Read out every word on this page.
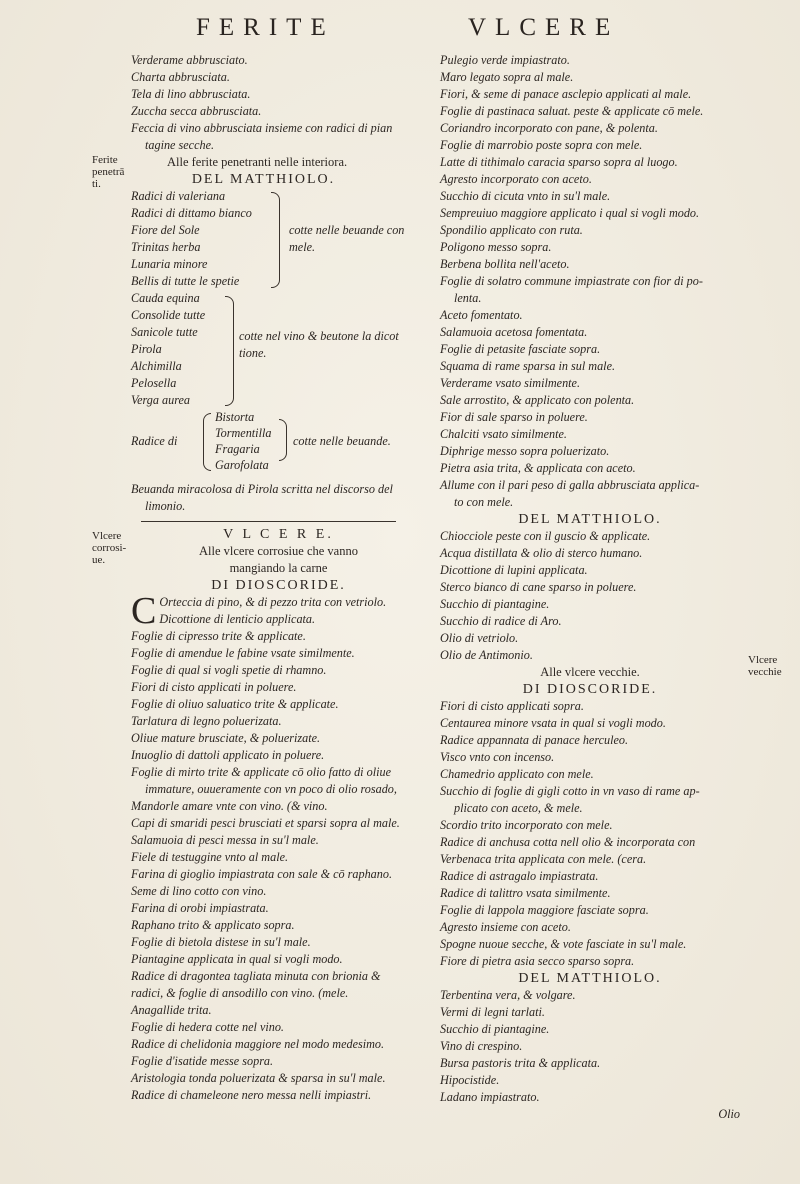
FERITE	VLCERE
Ferite
penetrā
ti.
Vlcere
corrosi-
ue.
Vlcere
vecchie
Verderame abbrusciato.
Charta abbrusciata.
Tela di lino abbrusciata.
Zuccha secca abbrusciata.
Feccia di vino abbrusciata insieme con radici di pian
tagine secche.
Alle ferite penetranti nelle interiora.
DEL MATTHIOLO.
Radici di valeriana
Radici di dittamo bianco
Fiore del Sole
Trinitas herba
Lunaria minore
Bellis di tutte le spetie
cotte nelle beuande con
mele.
Cauda equina
Consolide tutte
Sanicole tutte
Pirola
Alchimilla
Pelosella
Verga aurea
cotte nel vino & beutone la dicot
tione.
Radice di
Bistorta
Tormentilla
Fragaria
Garofolata
cotte nelle beuande.
Beuanda miracolosa di Pirola scritta nel discorso del
limonio.
V L C E R E.
Alle vlcere corrosiue che vanno
mangiando la carne
DI DIOSCORIDE.
C Orteccia di pino, & di pezzo trita con vetriolo.
Dicottione di lenticio applicata.
Foglie di cipresso trite & applicate.
Foglie di amendue le fabine vsate similmente.
Foglie di qual si vogli spetie di rhamno.
Fiori di cisto applicati in poluere.
Foglie di oliuo saluatico trite & applicate.
Tarlatura di legno poluerizata.
Oliue mature brusciate, & poluerizate.
Inuoglio di dattoli applicato in poluere.
Foglie di mirto trite & applicate cō olio fatto di oliue
immature, ouueramente con vn poco di olio rosado,
Mandorle amare vnte con vino. (& vino.
Capi di smaridi pesci brusciati et sparsi sopra al male.
Salamuoia di pesci messa in su'l male.
Fiele di testuggine vnto al male.
Farina di gioglio impiastrata con sale & cō raphano.
Seme di lino cotto con vino.
Farina di orobi impiastrata.
Raphano trito & applicato sopra.
Foglie di bietola distese in su'l male.
Piantagine applicata in qual si vogli modo.
Radice di dragontea tagliata minuta con brionia &
radici, & foglie di ansodillo con vino. (mele.
Anagallide trita.
Foglie di hedera cotte nel vino.
Radice di chelidonia maggiore nel modo medesimo.
Foglie d'isatide messe sopra.
Aristologia tonda poluerizata & sparsa in su'l male.
Radice di chameleone nero messa nelli impiastri.
Pulegio verde impiastrato.
Maro legato sopra al male.
Fiori, & seme di panace asclepio applicati al male.
Foglie di pastinaca saluat. peste & applicate cō mele.
Coriandro incorporato con pane, & polenta.
Foglie di marrobio poste sopra con mele.
Latte di tithimalo caracia sparso sopra al luogo.
Agresto incorporato con aceto.
Succhio di cicuta vnto in su'l male.
Sempreuiuo maggiore applicato i qual si vogli modo.
Spondilio applicato con ruta.
Poligono messo sopra.
Berbena bollita nell'aceto.
Foglie di solatro commune impiastrate con fior di po-
lenta.
Aceto fomentato.
Salamuoia acetosa fomentata.
Foglie di petasite fasciate sopra.
Squama di rame sparsa in sul male.
Verderame vsato similmente.
Sale arrostito, & applicato con polenta.
Fior di sale sparso in poluere.
Chalciti vsato similmente.
Diphrige messo sopra poluerizato.
Pietra asia trita, & applicata con aceto.
Allume con il pari peso di galla abbrusciata applica-
to con mele.
DEL MATTHIOLO.
Chiocciole peste con il guscio & applicate.
Acqua distillata & olio di sterco humano.
Dicottione di lupini applicata.
Sterco bianco di cane sparso in poluere.
Succhio di piantagine.
Succhio di radice di Aro.
Olio di vetriolo.
Olio de Antimonio.
Alle vlcere vecchie.
DI DIOSCORIDE.
Fiori di cisto applicati sopra.
Centaurea minore vsata in qual si vogli modo.
Radice appannata di panace herculeo.
Visco vnto con incenso.
Chamedrio applicato con mele.
Succhio di foglie di gigli cotto in vn vaso di rame ap-
plicato con aceto, & mele.
Scordio trito incorporato con mele.
Radice di anchusa cotta nell olio & incorporata con
Verbenaca trita applicata con mele. (cera.
Radice di astragalo impiastrata.
Radice di talittro vsata similmente.
Foglie di lappola maggiore fasciate sopra.
Agresto insieme con aceto.
Spogne nuoue secche, & vote fasciate in su'l male.
Fiore di pietra asia secco sparso sopra.
DEL MATTHIOLO.
Terbentina vera, & volgare.
Vermi di legni tarlati.
Succhio di piantagine.
Vino di crespino.
Bursa pastoris trita & applicata.
Hipocistide.
Ladano impiastrato.
Olio
